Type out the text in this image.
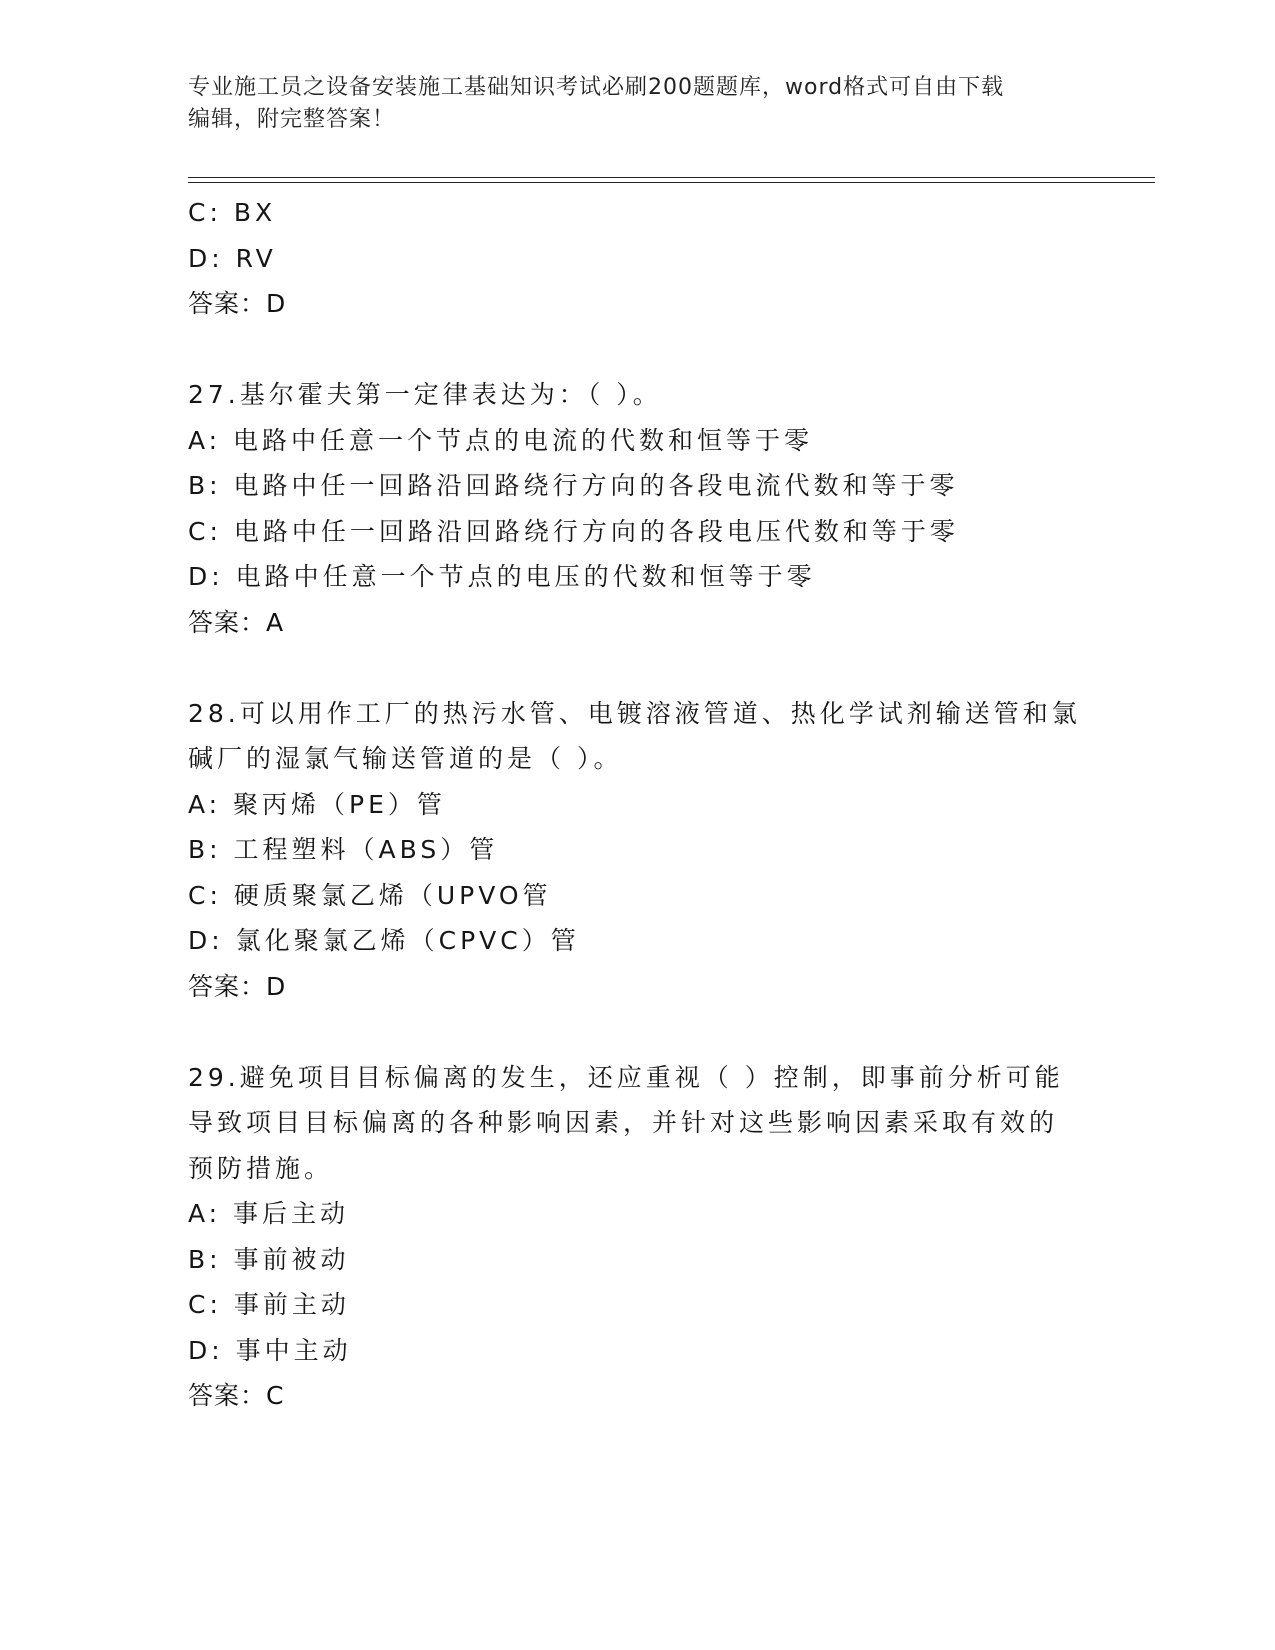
专业施工员之设备安装施工基础知识考试必刷200题题库，word格式可自由下载
编辑，附完整答案！
C: BX
D: RV
答案：D
27.基尔霍夫第一定律表达为：（ ）。
A: 电路中任意一个节点的电流的代数和恒等于零
B: 电路中任一回路沿回路绕行方向的各段电流代数和等于零
C: 电路中任一回路沿回路绕行方向的各段电压代数和等于零
D: 电路中任意一个节点的电压的代数和恒等于零
答案：A
28.可以用作工厂的热污水管、电镀溶液管道、热化学试剂输送管和氯
碱厂的湿氯气输送管道的是（ ）。
A: 聚丙烯（PE）管
B: 工程塑料（ABS）管
C: 硬质聚氯乙烯（UPVO管
D: 氯化聚氯乙烯（CPVC）管
答案：D
29.避免项目目标偏离的发生，还应重视（ ）控制，即事前分析可能
导致项目目标偏离的各种影响因素，并针对这些影响因素采取有效的
预防措施。
A: 事后主动
B: 事前被动
C: 事前主动
D: 事中主动
答案：C
